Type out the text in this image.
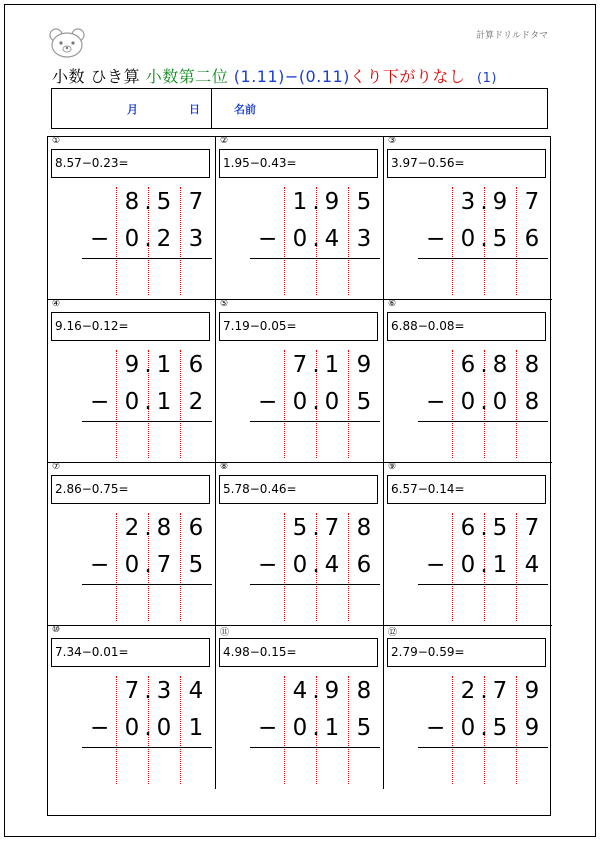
計算ドリルドタマ
小数 ひき算 小数第二位 (1.11)−(0.11)くり下がりなし (1)
月	日	名前
①
8.57−0.23=
8 5 7
0 2 3
.
.
−
②
1.95−0.43=
1 9 5
0 4 3
.
.
−
③
3.97−0.56=
3 9 7
0 5 6
.
.
−
④
9.16−0.12=
9 1 6
0 1 2
.
.
−
⑤
7.19−0.05=
7 1 9
0 0 5
.
.
−
⑥
6.88−0.08=
6 8 8
0 0 8
.
.
−
⑦
2.86−0.75=
2 8 6
0 7 5
.
.
−
⑧
5.78−0.46=
5 7 8
0 4 6
.
.
−
⑨
6.57−0.14=
6 5 7
0 1 4
.
.
−
⑩
7.34−0.01=
7 3 4
0 0 1
.
.
−
⑪
4.98−0.15=
4 9 8
0 1 5
.
.
−
⑫
2.79−0.59=
2 7 9
0 5 9
.
.
−
